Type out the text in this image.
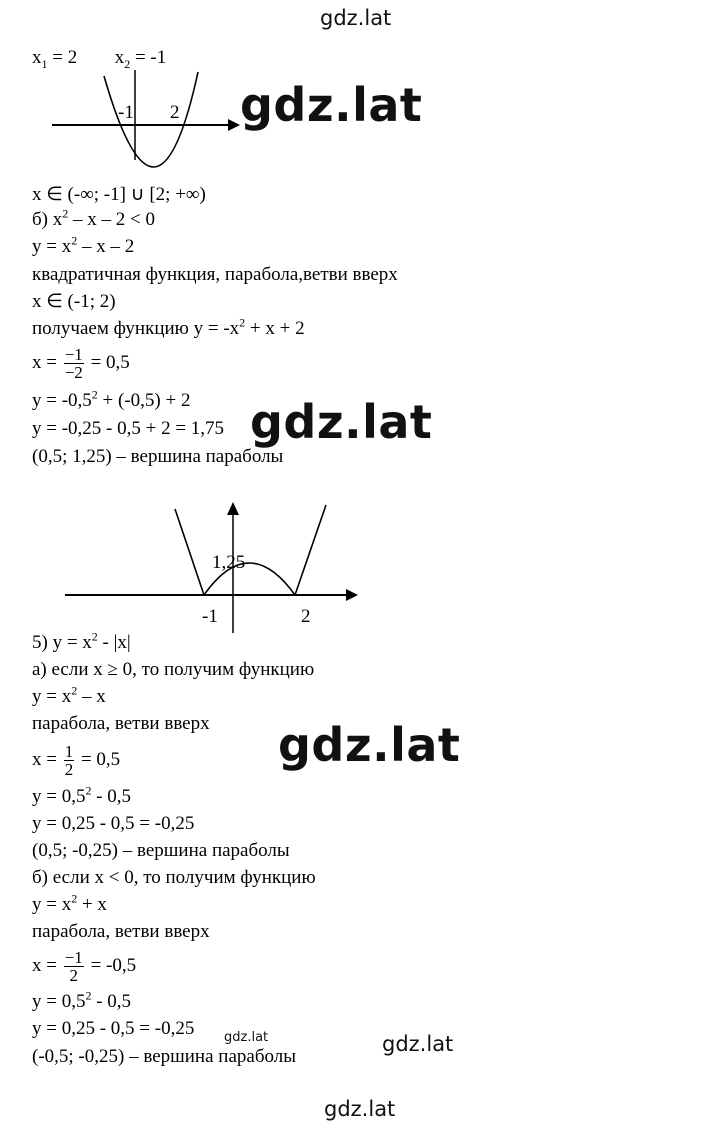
gdz.lat
$x_1 = 2$ $x_2 = -1$
-1 2 gdz.lat
x ∈ (-∞; -1] ∪ [2; +∞)
б) $x^2 - x - 2 < 0$
$y = x^2 - x - 2$
квадратичная функция, парабола,ветви вверх
x ∈ (-1; 2)
получаем функцию $y = -x^2 + x + 2$
$x = \frac{-1}{-2} = 0,5$
$y = -0,5^2 + (-0,5) + 2$
y = -0,25 - 0,5 + 2 = 1,75
(0,5; 1,25) – вершина параболы
gdz.lat
1,25
-1	2
5) $y = x^2 - |x|$
а) если x ≥ 0, то получим функцию
$y = x^2 - x$
парабола, ветви вверх gdz.lat
$x = \frac{1}{2} = 0,5$
$y = 0,5^2 - 0,5$
y = 0,25 - 0,5 = -0,25
(0,5; -0,25) – вершина параболы
б) если x < 0, то получим функцию
$y = x^2 + x$
парабола, ветви вверх
$x = \frac{-1}{2} = -0,5$
$y = 0,5^2 - 0,5$
y = 0,25 - 0,5 = -0,25 gdz.lat
(-0,5; -0,25) – вершина параболы
gdz.lat
gdz.lat
